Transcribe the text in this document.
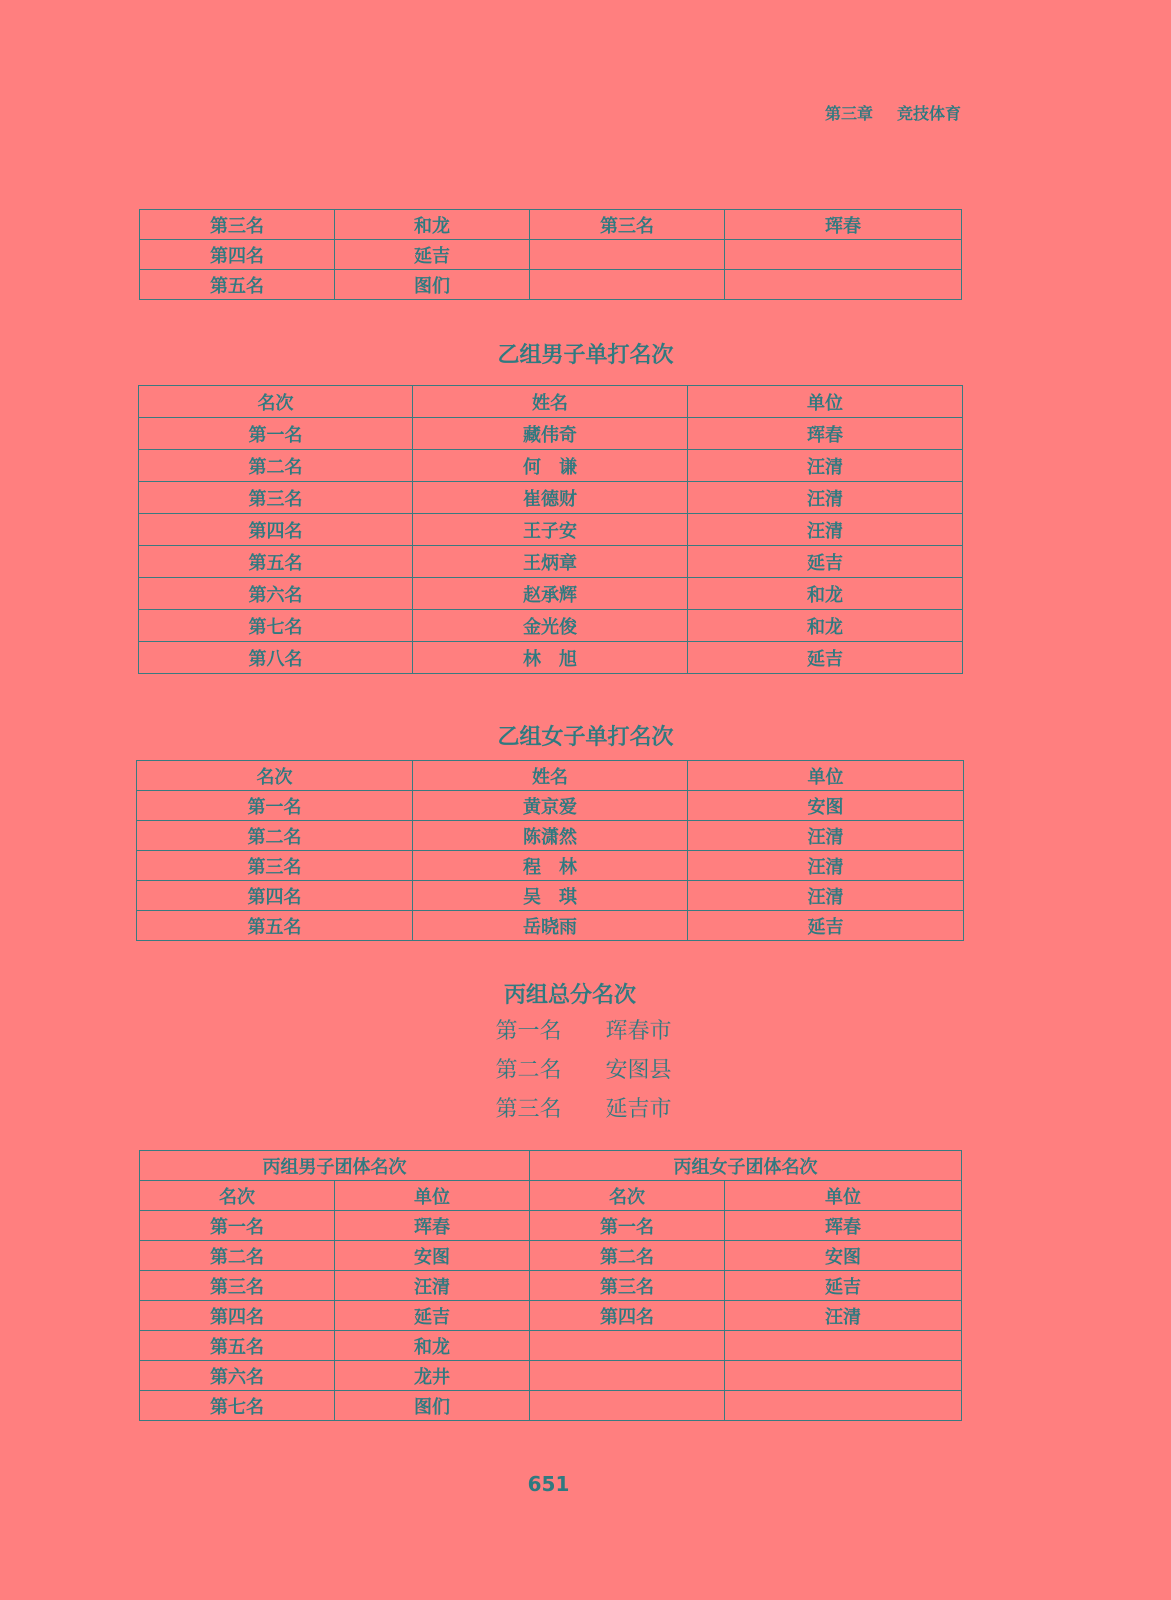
第三章 竞技体育
第三名	和龙	第三名	珲春
第四名	延吉		
第五名	图们		
乙组男子单打名次
名次	姓名	单位
第一名	藏伟奇	珲春
第二名	何　谦	汪清
第三名	崔德财	汪清
第四名	王子安	汪清
第五名	王炳章	延吉
第六名	赵承辉	和龙
第七名	金光俊	和龙
第八名	林　旭	延吉
乙组女子单打名次
名次	姓名	单位
第一名	黄京爱	安图
第二名	陈潇然	汪清
第三名	程　林	汪清
第四名	吴　琪	汪清
第五名	岳晓雨	延吉
丙组总分名次
第一名 珲春市
第二名 安图县
第三名 延吉市
丙组男子团体名次		丙组女子团体名次	
名次	单位	名次	单位
第一名	珲春	第一名	珲春
第二名	安图	第二名	安图
第三名	汪清	第三名	延吉
第四名	延吉	第四名	汪清
第五名	和龙		
第六名	龙井		
第七名	图们		
651
